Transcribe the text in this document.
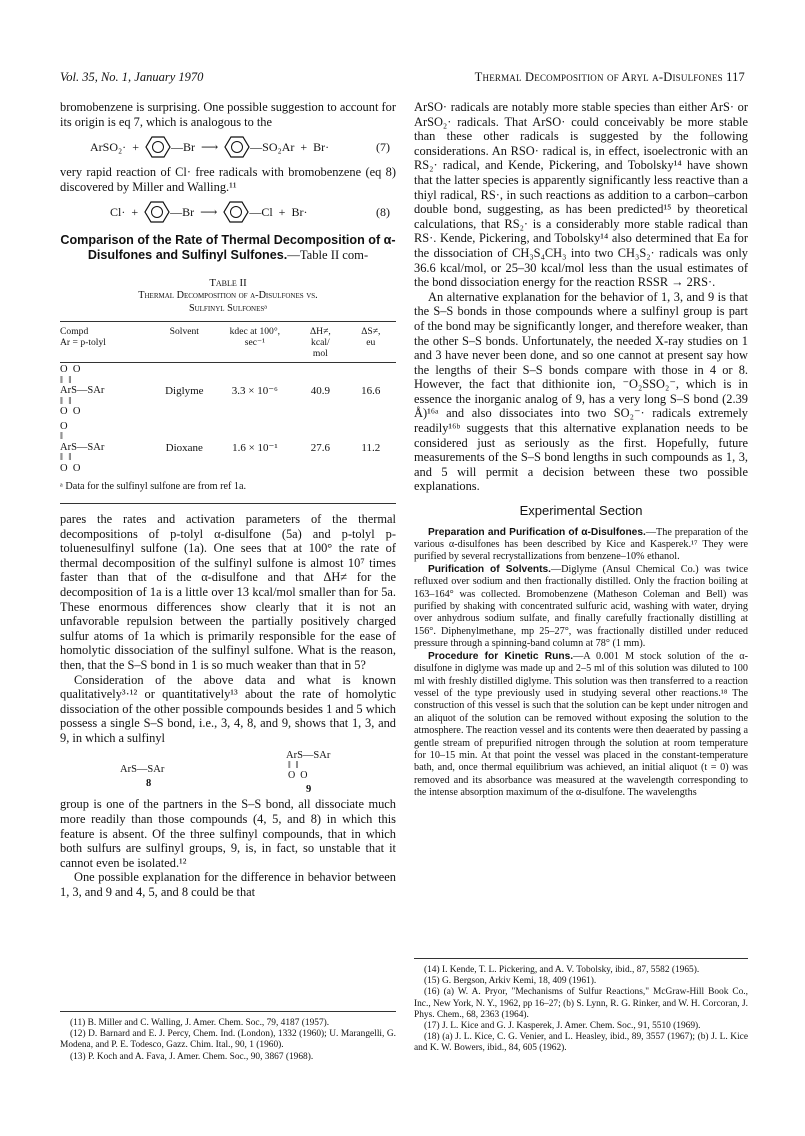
Vol. 35, No. 1, January 1970	Thermal Decomposition of Aryl α-Disulfones 117

bromobenzene is surprising. One possible suggestion to account for its origin is eq 7, which is analogous to the

ArSO₂· +	—Br ⟶	—SO₂Ar + Br·	(7)

very rapid reaction of Cl· free radicals with bromobenzene (eq 8) discovered by Miller and Walling.¹¹

Cl· +	—Br ⟶	—Cl + Br·	(8)

Comparison of the Rate of Thermal Decomposition of α-Disulfones and Sulfinyl Sulfones.—Table II com-

Table II
Thermal Decomposition of α-Disulfones vs.
Sulfinyl Sulfonesᵃ
Compd
Ar = p-tolyl	Solvent	kdec at 100°,
sec⁻¹	ΔH≠,
kcal/
mol	ΔS≠,
eu

O  O
‖  ‖
ArS—SAr
‖  ‖
O  O	Diglyme	3.3 × 10⁻⁶	40.9	16.6

O
‖
ArS—SAr
‖  ‖
O  O	Dioxane	1.6 × 10⁻¹	27.6	11.2
ᵃ Data for the sulfinyl sulfone are from ref 1a.

pares the rates and activation parameters of the thermal decompositions of p-tolyl α-disulfone (5a) and p-tolyl p-toluenesulfinyl sulfone (1a). One sees that at 100° the rate of thermal decomposition of the sulfinyl sulfone is almost 10⁷ times faster than that of the α-disulfone and that ΔH≠ for the decomposition of 1a is a little over 13 kcal/mol smaller than for 5a. These enormous differences show clearly that it is not an unfavorable repulsion between the partially positively charged sulfur atoms of 1a which is primarily responsible for the ease of homolytic dissociation of the sulfinyl sulfone. What is the reason, then, that the S–S bond in 1 is so much weaker than that in 5?

Consideration of the above data and what is known qualitatively³·¹² or quantitatively¹³ about the rate of homolytic dissociation of the other possible compounds besides 1 and 5 which possess a single S–S bond, i.e., 3, 4, 8, and 9, shows that 1, 3, and 9, in which a sulfinyl

ArS—SAr
8
ArS—SAr
‖  ‖
O  O
9

group is one of the partners in the S–S bond, all dissociate much more readily than those compounds (4, 5, and 8) in which this feature is absent. Of the three sulfinyl compounds, that in which both sulfurs are sulfinyl groups, 9, is, in fact, so unstable that it cannot even be isolated.¹²

One possible explanation for the difference in behavior between 1, 3, and 9 and 4, 5, and 8 could be that

(11) B. Miller and C. Walling, J. Amer. Chem. Soc., 79, 4187 (1957).
(12) D. Barnard and E. J. Percy, Chem. Ind. (London), 1332 (1960); U. Marangelli, G. Modena, and P. E. Todesco, Gazz. Chim. Ital., 90, 1 (1960).
(13) P. Koch and A. Fava, J. Amer. Chem. Soc., 90, 3867 (1968).

ArSO· radicals are notably more stable species than either ArS· or ArSO₂· radicals. That ArSO· could conceivably be more stable than these other radicals is suggested by the following considerations. An RSO· radical is, in effect, isoelectronic with an RS₂· radical, and Kende, Pickering, and Tobolsky¹⁴ have shown that the latter species is apparently significantly less reactive than a thiyl radical, RS·, in such reactions as addition to a carbon–carbon double bond, suggesting, as has been predicted¹⁵ by theoretical calculations, that RS₂· is a considerably more stable radical than RS·. Kende, Pickering, and Tobolsky¹⁴ also determined that Ea for the dissociation of CH₃S₄CH₃ into two CH₃S₂· radicals was only 36.6 kcal/mol, or 25–30 kcal/mol less than the usual estimates of the bond dissociation energy for the reaction RSSR → 2RS·.

An alternative explanation for the behavior of 1, 3, and 9 is that the S–S bonds in those compounds where a sulfinyl group is part of the bond may be significantly longer, and therefore weaker, than the other S–S bonds. Unfortunately, the needed X-ray studies on 1 and 3 have never been done, and so one cannot at present say how the lengths of their S–S bonds compare with those in 4 or 8. However, the fact that dithionite ion, ⁻O₂SSO₂⁻, which is in essence the inorganic analog of 9, has a very long S–S bond (2.39 Å)¹⁶ᵃ and also dissociates into two SO₂⁻· radicals extremely readily¹⁶ᵇ suggests that this alternative explanation needs to be considered just as seriously as the first. Hopefully, future measurements of the S–S bond lengths in such compounds as 1, 3, and 5 will permit a decision between these two possible explanations.

Experimental Section

Preparation and Purification of α-Disulfones.—The preparation of the various α-disulfones has been described by Kice and Kasperek.¹⁷ They were purified by several recrystallizations from benzene–10% ethanol.

Purification of Solvents.—Diglyme (Ansul Chemical Co.) was twice refluxed over sodium and then fractionally distilled. Only the fraction boiling at 163–164° was collected. Bromobenzene (Matheson Coleman and Bell) was purified by shaking with concentrated sulfuric acid, washing with water, drying over anhydrous sodium sulfate, and finally carefully fractionally distilling at 156°. Diphenylmethane, mp 25–27°, was fractionally distilled under reduced pressure through a spinning-band column at 78° (1 mm).

Procedure for Kinetic Runs.—A 0.001 M stock solution of the α-disulfone in diglyme was made up and 2–5 ml of this solution was diluted to 100 ml with freshly distilled diglyme. This solution was then transferred to a reaction vessel of the type previously used in studying several other reactions.¹⁸ The construction of this vessel is such that the solution can be kept under nitrogen and an aliquot of the solution can be removed without exposing the solution to the atmosphere. The reaction vessel and its contents were then deaerated by passing a gentle stream of prepurified nitrogen through the solution at room temperature for 10–15 min. At that point the vessel was placed in the constant-temperature bath, and, once thermal equilibrium was achieved, an initial aliquot (t = 0) was removed and its absorbance was measured at the wavelength corresponding to the intense absorption maximum of the α-disulfone. The wavelengths

(14) I. Kende, T. L. Pickering, and A. V. Tobolsky, ibid., 87, 5582 (1965).
(15) G. Bergson, Arkiv Kemi, 18, 409 (1961).
(16) (a) W. A. Pryor, "Mechanisms of Sulfur Reactions," McGraw-Hill Book Co., Inc., New York, N. Y., 1962, pp 16–27; (b) S. Lynn, R. G. Rinker, and W. H. Corcoran, J. Phys. Chem., 68, 2363 (1964).
(17) J. L. Kice and G. J. Kasperek, J. Amer. Chem. Soc., 91, 5510 (1969).
(18) (a) J. L. Kice, C. G. Venier, and L. Heasley, ibid., 89, 3557 (1967); (b) J. L. Kice and K. W. Bowers, ibid., 84, 605 (1962).
